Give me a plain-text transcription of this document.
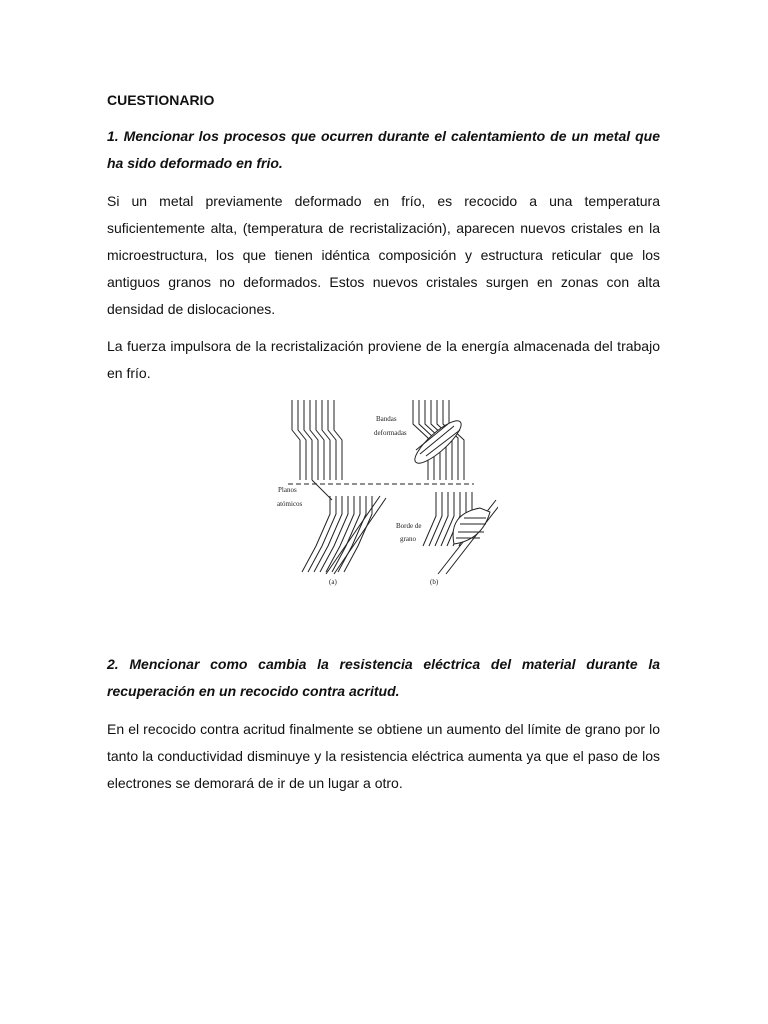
CUESTIONARIO

1. Mencionar los procesos que ocurren durante el calentamiento de un metal que ha sido deformado en frio.

Si un metal previamente deformado en frío, es recocido a una temperatura suficientemente alta, (temperatura de recristalización), aparecen nuevos cristales en la microestructura, los que tienen idéntica composición y estructura reticular que los antiguos granos no deformados. Estos nuevos cristales surgen en zonas con alta densidad de dislocaciones.

La fuerza impulsora de la recristalización proviene de la energía almacenada del trabajo en frío.

Bandas
deformadas
Planos
atómicos
Borde de
grano
(a)	(b)

2. Mencionar como cambia la resistencia eléctrica del material durante la recuperación en un recocido contra acritud.

En el recocido contra acritud finalmente se obtiene un aumento del límite de grano por lo tanto la conductividad disminuye y la resistencia eléctrica aumenta ya que el paso de los electrones se demorará de ir de un lugar a otro.
